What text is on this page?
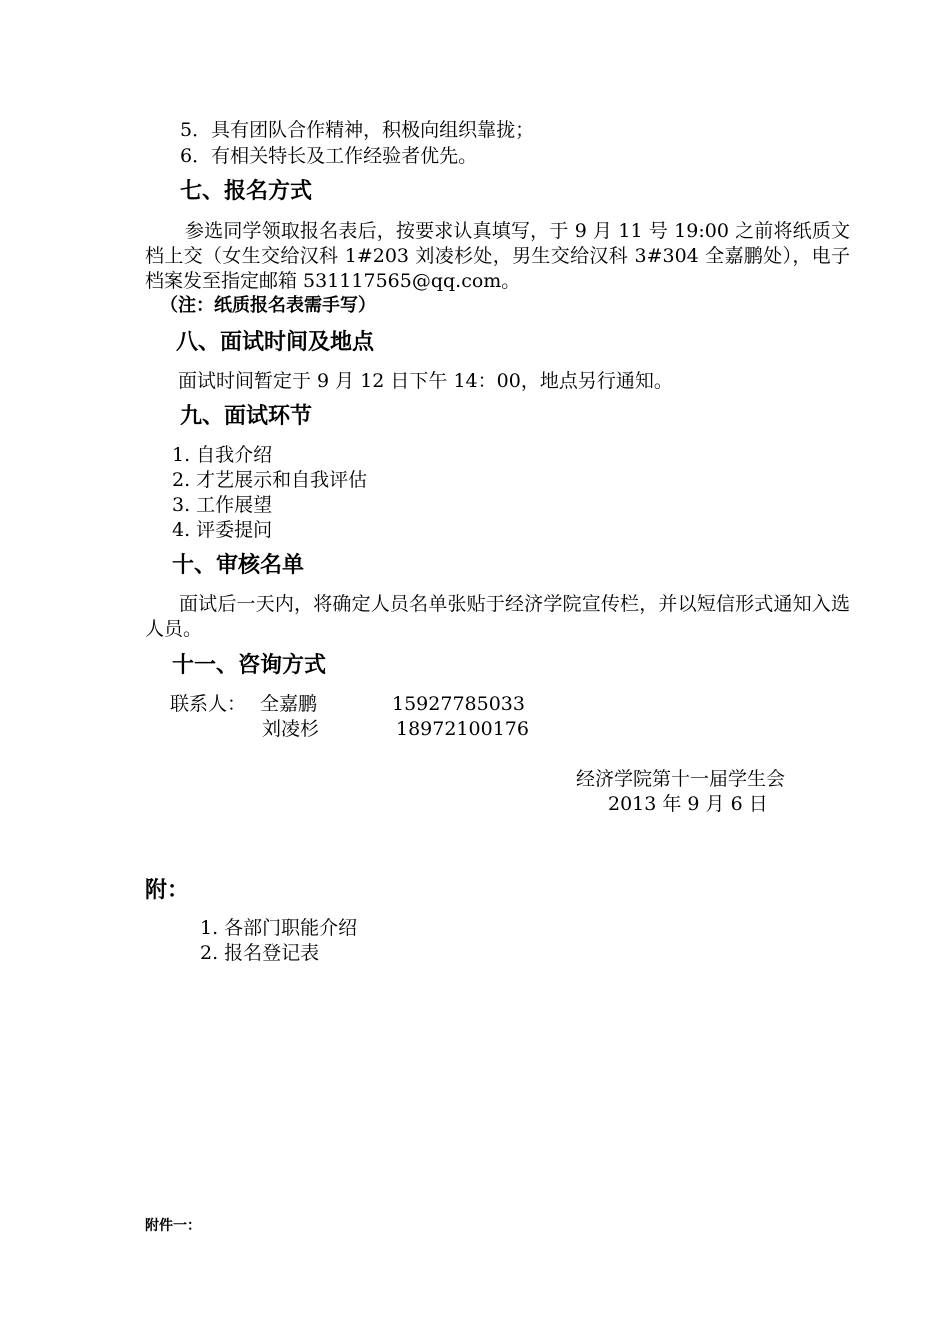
5．具有团队合作精神，积极向组织靠拢；
6．有相关特长及工作经验者优先。
七、报名方式
参选同学领取报名表后，按要求认真填写，于 9 月 11 号 19:00 之前将纸质文档上交（女生交给汉科 1#203 刘凌杉处，男生交给汉科 3#304 全嘉鹏处），电子档案发至指定邮箱 531117565@qq.com。
（注：纸质报名表需手写）
八、面试时间及地点
面试时间暂定于 9 月 12 日下午 14：00，地点另行通知。
九、面试环节
1. 自我介绍
2. 才艺展示和自我评估
3. 工作展望
4. 评委提问
十、审核名单
面试后一天内，将确定人员名单张贴于经济学院宣传栏，并以短信形式通知入选人员。
十一、咨询方式
联系人： 全嘉鹏	15927785033
刘凌杉	18972100176
经济学院第十一届学生会
2013 年 9 月 6 日
附：
1. 各部门职能介绍
2. 报名登记表
附件一：
